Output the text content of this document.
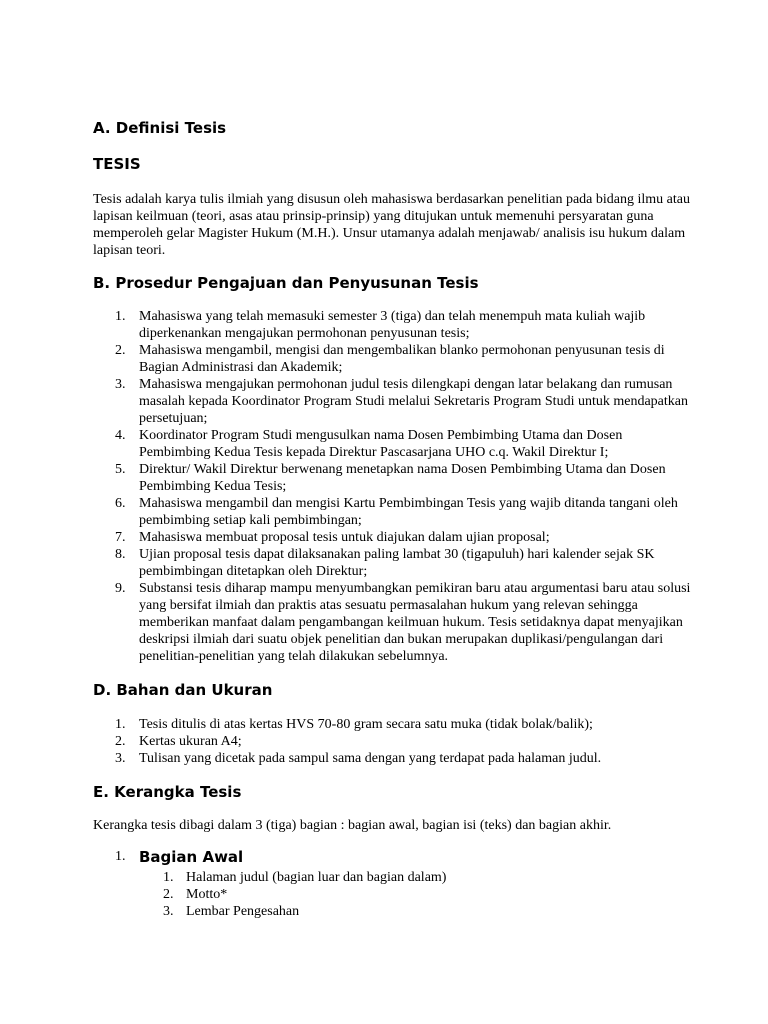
A. Definisi Tesis
TESIS

Tesis adalah karya tulis ilmiah yang disusun oleh mahasiswa berdasarkan penelitian pada bidang ilmu atau lapisan keilmuan (teori, asas atau prinsip-prinsip) yang ditujukan untuk memenuhi persyaratan guna memperoleh gelar Magister Hukum (M.H.). Unsur utamanya adalah menjawab/ analisis isu hukum dalam lapisan teori.

B. Prosedur Pengajuan dan Penyusunan Tesis
1. Mahasiswa yang telah memasuki semester 3 (tiga) dan telah menempuh mata kuliah wajib diperkenankan mengajukan permohonan penyusunan tesis;
2. Mahasiswa mengambil, mengisi dan mengembalikan blanko permohonan penyusunan tesis di Bagian Administrasi dan Akademik;
3. Mahasiswa mengajukan permohonan judul tesis dilengkapi dengan latar belakang dan rumusan masalah kepada Koordinator Program Studi melalui Sekretaris Program Studi untuk mendapatkan persetujuan;
4. Koordinator Program Studi mengusulkan nama Dosen Pembimbing Utama dan Dosen Pembimbing Kedua Tesis kepada Direktur Pascasarjana UHO c.q. Wakil Direktur I;
5. Direktur/ Wakil Direktur berwenang menetapkan nama Dosen Pembimbing Utama dan Dosen Pembimbing Kedua Tesis;
6. Mahasiswa mengambil dan mengisi Kartu Pembimbingan Tesis yang wajib ditanda tangani oleh pembimbing setiap kali pembimbingan;
7. Mahasiswa membuat proposal tesis untuk diajukan dalam ujian proposal;
8. Ujian proposal tesis dapat dilaksanakan paling lambat 30 (tigapuluh) hari kalender sejak SK pembimbingan ditetapkan oleh Direktur;
9. Substansi tesis diharap mampu menyumbangkan pemikiran baru atau argumentasi baru atau solusi yang bersifat ilmiah dan praktis atas sesuatu permasalahan hukum yang relevan sehingga memberikan manfaat dalam pengambangan keilmuan hukum. Tesis setidaknya dapat menyajikan deskripsi ilmiah dari suatu objek penelitian dan bukan merupakan duplikasi/pengulangan dari penelitian-penelitian yang telah dilakukan sebelumnya.
D. Bahan dan Ukuran
1. Tesis ditulis di atas kertas HVS 70-80 gram secara satu muka (tidak bolak/balik);
2. Kertas ukuran A4;
3. Tulisan yang dicetak pada sampul sama dengan yang terdapat pada halaman judul.
E. Kerangka Tesis

Kerangka tesis dibagi dalam 3 (tiga) bagian : bagian awal, bagian isi (teks) dan bagian akhir.

1. Bagian Awal
1. Halaman judul (bagian luar dan bagian dalam)
2. Motto*
3. Lembar Pengesahan
